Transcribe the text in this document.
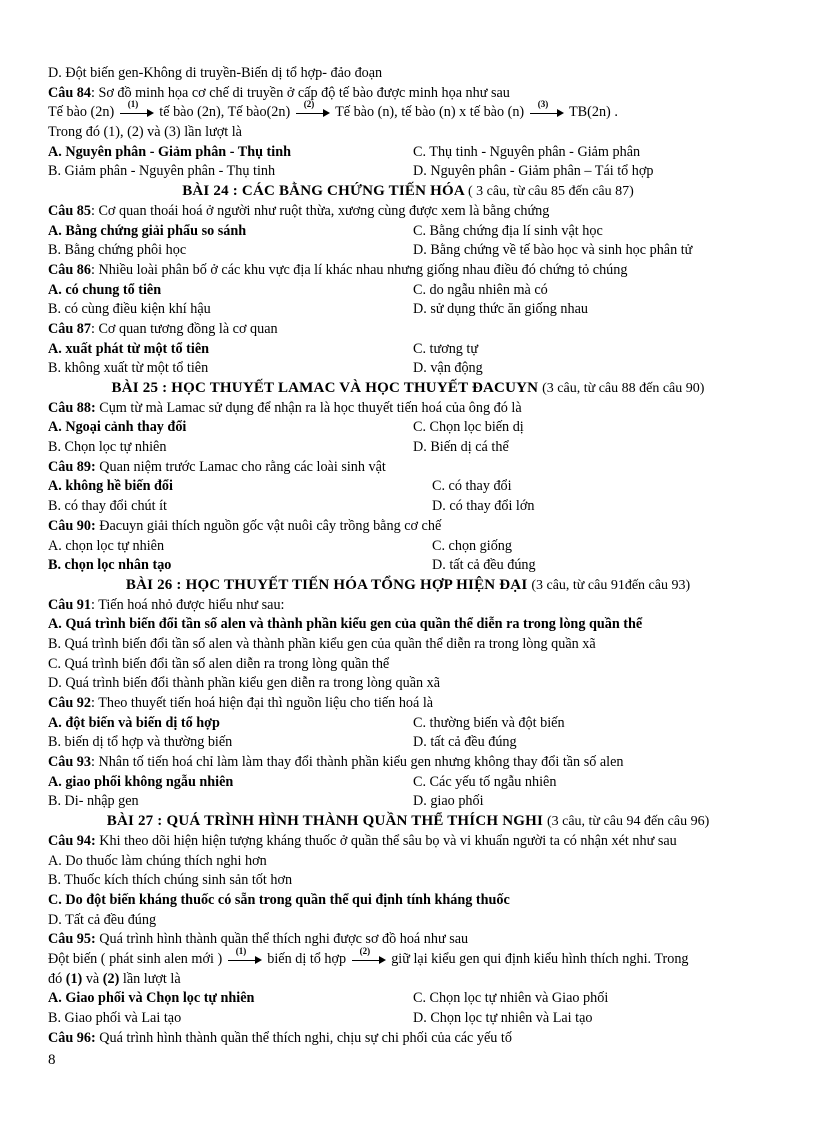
D. Đột biến gen-Không di truyền-Biến dị tổ hợp- đảo đoạn
Câu 84: Sơ đồ minh họa cơ chế di truyền ở cấp độ tế bào được minh họa như sau
Tế bào (2n)
(1)
tế bào (2n), Tế bào(2n)
(2)
Tế bào (n), tế bào (n) x tế bào (n)
(3)
TB(2n) .
Trong đó (1), (2) và (3) lần lượt là
A. Nguyên phân - Giảm phân - Thụ tinh	C. Thụ tinh - Nguyên phân - Giảm phân
B. Giảm phân - Nguyên phân - Thụ tinh	D. Nguyên phân - Giảm phân – Tái tổ hợp
BÀI 24 : CÁC BẰNG CHỨNG TIẾN HÓA ( 3 câu, từ câu 85 đến câu 87)
Câu 85: Cơ quan thoái hoá ở người như ruột thừa, xương cùng được xem là bằng chứng
A. Bằng chứng giải phẩu so sánh	C. Bằng chứng địa lí sinh vật học
B. Bằng chứng phôi học	D. Bằng chứng về tế bào học và sinh học phân tử
Câu 86: Nhiều loài phân bố ở các khu vực địa lí khác nhau nhưng giống nhau điều đó chứng tỏ chúng
A. có chung tổ tiên	C. do ngẫu nhiên mà có
B. có cùng điều kiện khí hậu	D. sử dụng thức ăn giống nhau
Câu 87: Cơ quan tương đồng là cơ quan
A. xuất phát từ một tổ tiên	C. tương tự
B. không xuất từ một tổ tiên	D. vận động
BÀI 25 : HỌC THUYẾT LAMAC VÀ HỌC THUYẾT ĐACUYN (3 câu, từ câu 88 đến câu 90)
Câu 88: Cụm từ mà Lamac sử dụng để nhận ra là học thuyết tiến hoá của ông đó là
A. Ngoại cảnh thay đổi	C. Chọn lọc biến dị
B. Chọn lọc tự nhiên	D. Biến dị cá thể
Câu 89: Quan niệm trước Lamac cho rằng các loài sinh vật
A. không hề biến đổi	C. có thay đổi
B. có thay đổi chút ít	D. có thay đổi lớn
Câu 90: Đacuyn giải thích nguồn gốc vật nuôi cây trồng bằng cơ chế
A. chọn lọc tự nhiên	C. chọn giống
B. chọn lọc nhân tạo	D. tất cả đều đúng
BÀI 26 : HỌC THUYẾT TIẾN HÓA TỔNG HỢP HIỆN ĐẠI (3 câu, từ câu 91đến câu 93)
Câu 91: Tiến hoá nhỏ được hiểu như sau:
A. Quá trình biến đổi tần số alen và thành phần kiểu gen của quần thể diễn ra trong lòng quần thể
B. Quá trình biến đổi tần số alen và thành phần kiểu gen của quần thể diễn ra trong lòng quần xã
C. Quá trình biến đổi tần số alen diễn ra trong lòng quần thể
D. Quá trình biến đổi thành phần kiểu gen diễn ra trong lòng quần xã
Câu 92: Theo thuyết tiến hoá hiện đại thì nguồn liệu cho tiến hoá là
A. đột biến và biến dị tổ hợp	C. thường biến và đột biến
B. biến dị tổ hợp và thường biến	D. tất cả đều đúng
Câu 93: Nhân tố tiến hoá chỉ làm làm thay đổi thành phần kiểu gen nhưng không thay đổi tần số alen
A. giao phối không ngẫu nhiên	C. Các yếu tố ngẫu nhiên
B. Di- nhập gen	D. giao phối
BÀI 27 : QUÁ TRÌNH HÌNH THÀNH QUẦN THỂ THÍCH NGHI (3 câu, từ câu 94 đến câu 96)
Câu 94: Khi theo dõi hiện hiện tượng kháng thuốc ở quần thể sâu bọ và vi khuẩn người ta có nhận xét như sau
A. Do thuốc làm chúng thích nghi hơn
B. Thuốc kích thích chúng sinh sản tốt hơn
C. Do đột biến kháng thuốc có sẵn trong quần thể qui định tính kháng thuốc
D. Tất cả đều đúng
Câu 95: Quá trình hình thành quần thể thích nghi được sơ đồ hoá như sau
Đột biến ( phát sinh alen mới )
(1)
biến dị tổ hợp
(2)
giữ lại kiểu gen qui định kiểu hình thích nghi. Trong
đó (1) và (2) lần lượt là
A. Giao phối và Chọn lọc tự nhiên	C. Chọn lọc tự nhiên và Giao phối
B. Giao phối và Lai tạo	D. Chọn lọc tự nhiên và Lai tạo
Câu 96: Quá trình hình thành quần thể thích nghi, chịu sự chi phối của các yếu tố
8
